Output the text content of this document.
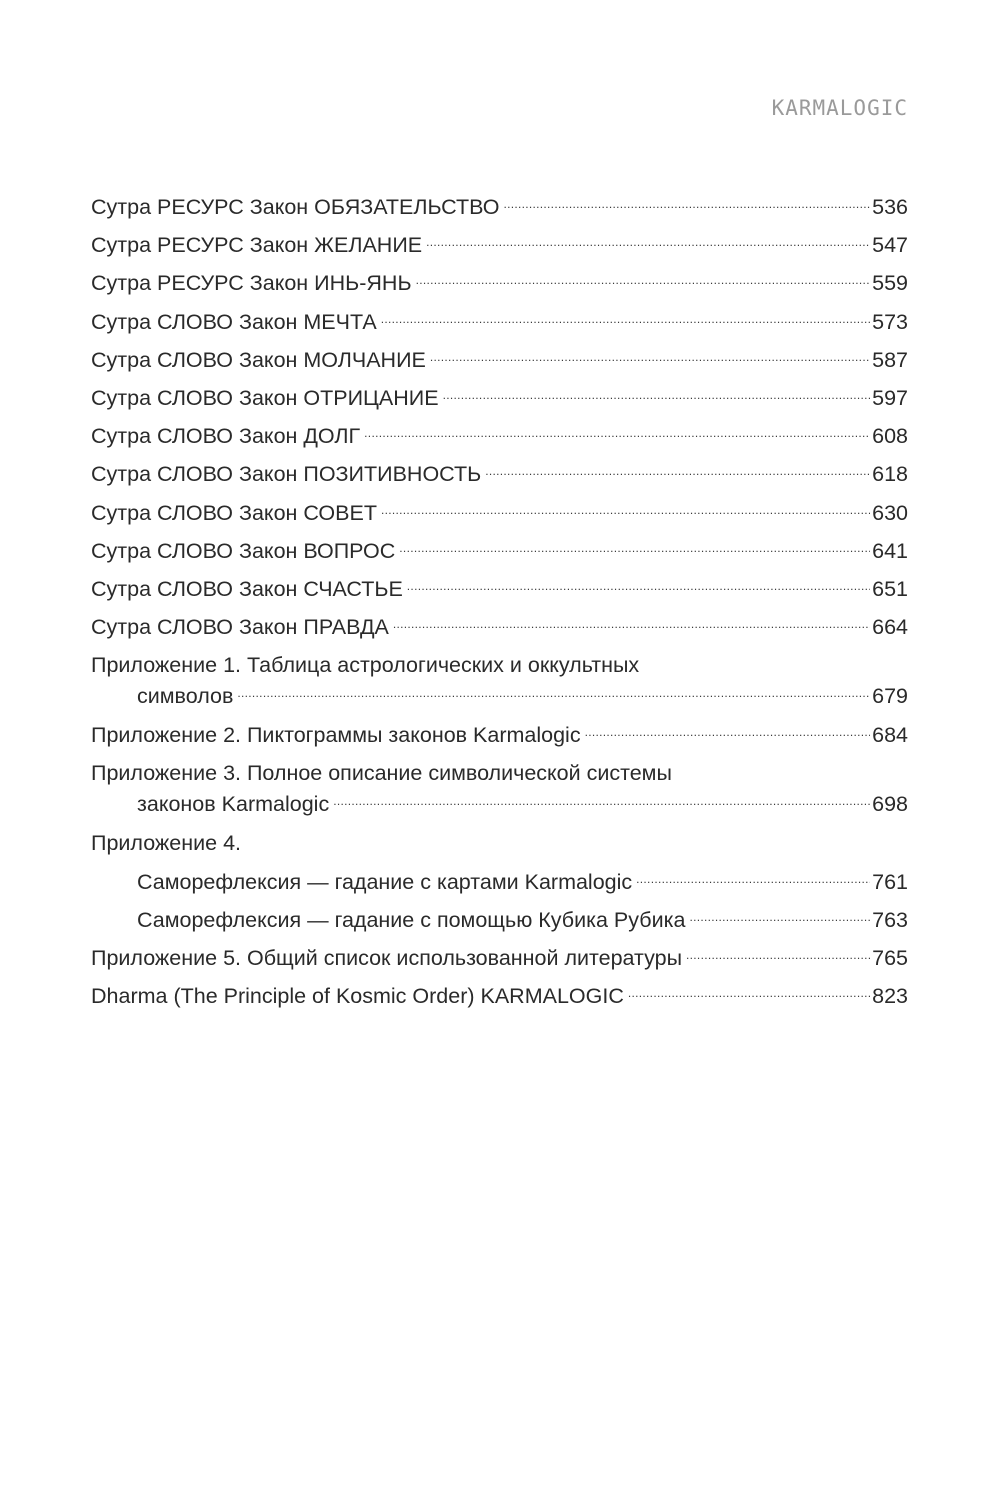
KARMALOGIC
Сутра РЕСУРС Закон ОБЯЗАТЕЛЬСТВО .....	536
Сутра РЕСУРС Закон ЖЕЛАНИЕ .....	547
Сутра РЕСУРС Закон ИНЬ-ЯНЬ .....	559
Сутра СЛОВО Закон МЕЧТА .....	573
Сутра СЛОВО Закон МОЛЧАНИЕ .....	587
Сутра СЛОВО Закон ОТРИЦАНИЕ .....	597
Сутра СЛОВО Закон ДОЛГ .....	608
Сутра СЛОВО Закон ПОЗИТИВНОСТЬ .....	618
Сутра СЛОВО Закон СОВЕТ .....	630
Сутра СЛОВО Закон ВОПРОС .....	641
Сутра СЛОВО Закон СЧАСТЬЕ .....	651
Сутра СЛОВО Закон ПРАВДА .....	664
Приложение 1. Таблица астрологических и оккультных
символов .....	679
Приложение 2. Пиктограммы законов Karmalogic .....	684
Приложение 3. Полное описание символической системы
законов Karmalogic .....	698
Приложение 4.
Саморефлексия — гадание с картами Karmalogic .....	761
Саморефлексия — гадание с помощью Кубика Рубика .....	763
Приложение 5. Общий список использованной литературы .....	765
Dharma (The Principle of Kosmic Order) KARMALOGIC .....	823
